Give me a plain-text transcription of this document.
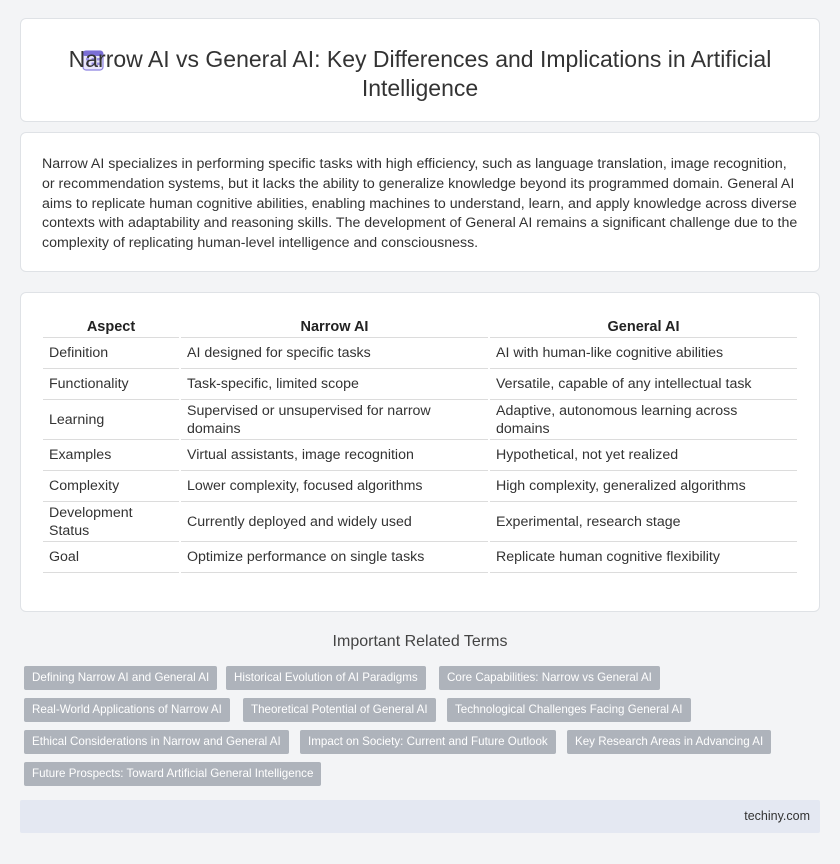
Narrow AI vs General AI: Key Differences and Implications in Artificial Intelligence

Narrow AI specializes in performing specific tasks with high efficiency, such as language translation, image recognition, or recommendation systems, but it lacks the ability to generalize knowledge beyond its programmed domain. General AI aims to replicate human cognitive abilities, enabling machines to understand, learn, and apply knowledge across diverse contexts with adaptability and reasoning skills. The development of General AI remains a significant challenge due to the complexity of replicating human-level intelligence and consciousness.

Aspect	Narrow AI	General AI
Definition	AI designed for specific tasks	AI with human-like cognitive abilities
Functionality	Task-specific, limited scope	Versatile, capable of any intellectual task
Learning	Supervised or unsupervised for narrow domains	Adaptive, autonomous learning across domains
Examples	Virtual assistants, image recognition	Hypothetical, not yet realized
Complexity	Lower complexity, focused algorithms	High complexity, generalized algorithms
Development Status	Currently deployed and widely used	Experimental, research stage
Goal	Optimize performance on single tasks	Replicate human cognitive flexibility
Important Related Terms
Defining Narrow AI and General AI	Historical Evolution of AI Paradigms	Core Capabilities: Narrow vs General AI
Real-World Applications of Narrow AI	Theoretical Potential of General AI	Technological Challenges Facing General AI
Ethical Considerations in Narrow and General AI	Impact on Society: Current and Future Outlook	Key Research Areas in Advancing AI
Future Prospects: Toward Artificial General Intelligence
techiny.com
